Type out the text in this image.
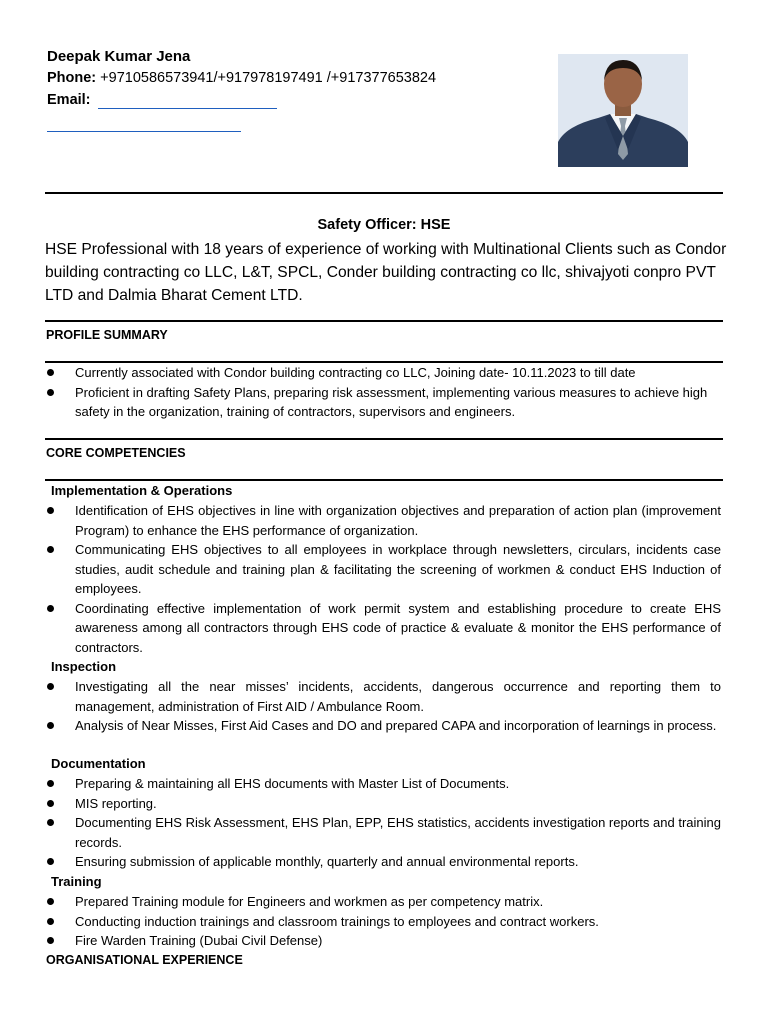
Deepak Kumar Jena
Phone: +9710586573941/+917978197491 /+917377653824
Email:
Safety Officer: HSE
HSE Professional with 18 years of experience of working with Multinational Clients such as Condor building contracting co LLC, L&T, SPCL, Conder building contracting co llc, shivajyoti conpro PVT LTD and Dalmia Bharat Cement LTD.
PROFILE SUMMARY
Currently associated with Condor building contracting co LLC, Joining date- 10.11.2023 to till date
Proficient in drafting Safety Plans, preparing risk assessment, implementing various measures to achieve high safety in the organization, training of contractors, supervisors and engineers.
CORE COMPETENCIES
Implementation & Operations
Identification of EHS objectives in line with organization objectives and preparation of action plan (improvement Program) to enhance the EHS performance of organization.
Communicating EHS objectives to all employees in workplace through newsletters, circulars, incidents case studies, audit schedule and training plan & facilitating the screening of workmen & conduct EHS Induction of employees.
Coordinating effective implementation of work permit system and establishing procedure to create EHS awareness among all contractors through EHS code of practice & evaluate & monitor the EHS performance of contractors.
Inspection
Investigating all the near misses’ incidents, accidents, dangerous occurrence and reporting them to management, administration of First AID / Ambulance Room.
Analysis of Near Misses, First Aid Cases and DO and prepared CAPA and incorporation of learnings in process.
Documentation
Preparing & maintaining all EHS documents with Master List of Documents.
MIS reporting.
Documenting EHS Risk Assessment, EHS Plan, EPP, EHS statistics, accidents investigation reports and training records.
Ensuring submission of applicable monthly, quarterly and annual environmental reports.
Training
Prepared Training module for Engineers and workmen as per competency matrix.
Conducting induction trainings and classroom trainings to employees and contract workers.
Fire Warden Training (Dubai Civil Defense)
ORGANISATIONAL EXPERIENCE
